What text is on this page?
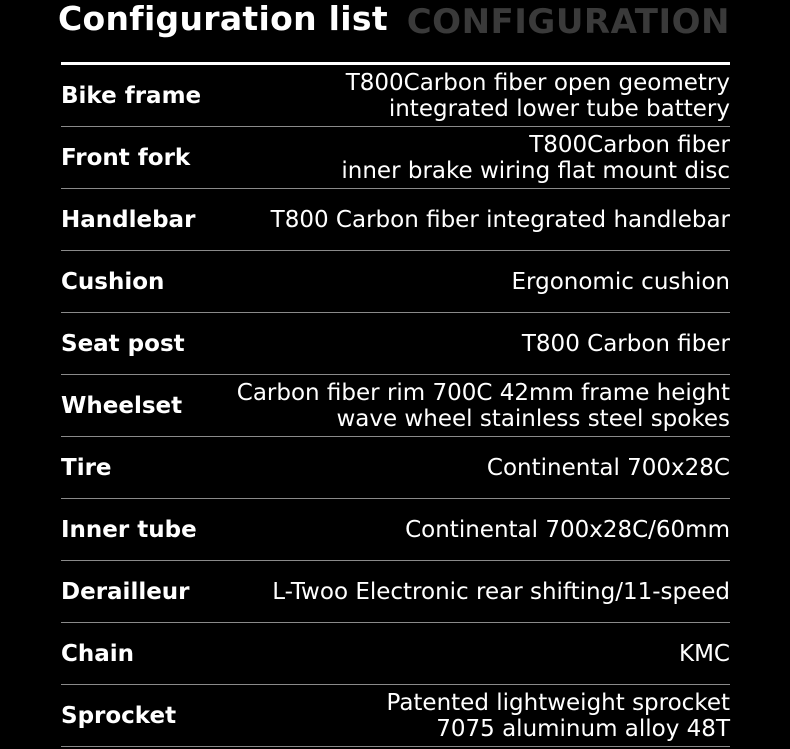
Configuration list CONFIGURATION
Bike frame	T800Carbon fiber open geometry
integrated lower tube battery
Front fork	T800Carbon fiber
inner brake wiring flat mount disc
Handlebar	T800 Carbon fiber integrated handlebar
Cushion	Ergonomic cushion
Seat post	T800 Carbon fiber
Wheelset	Carbon fiber rim 700C 42mm frame height
wave wheel stainless steel spokes
Tire	Continental 700x28C
Inner tube	Continental 700x28C/60mm
Derailleur	L-Twoo Electronic rear shifting/11-speed
Chain	KMC
Sprocket	Patented lightweight sprocket
7075 aluminum alloy 48T
